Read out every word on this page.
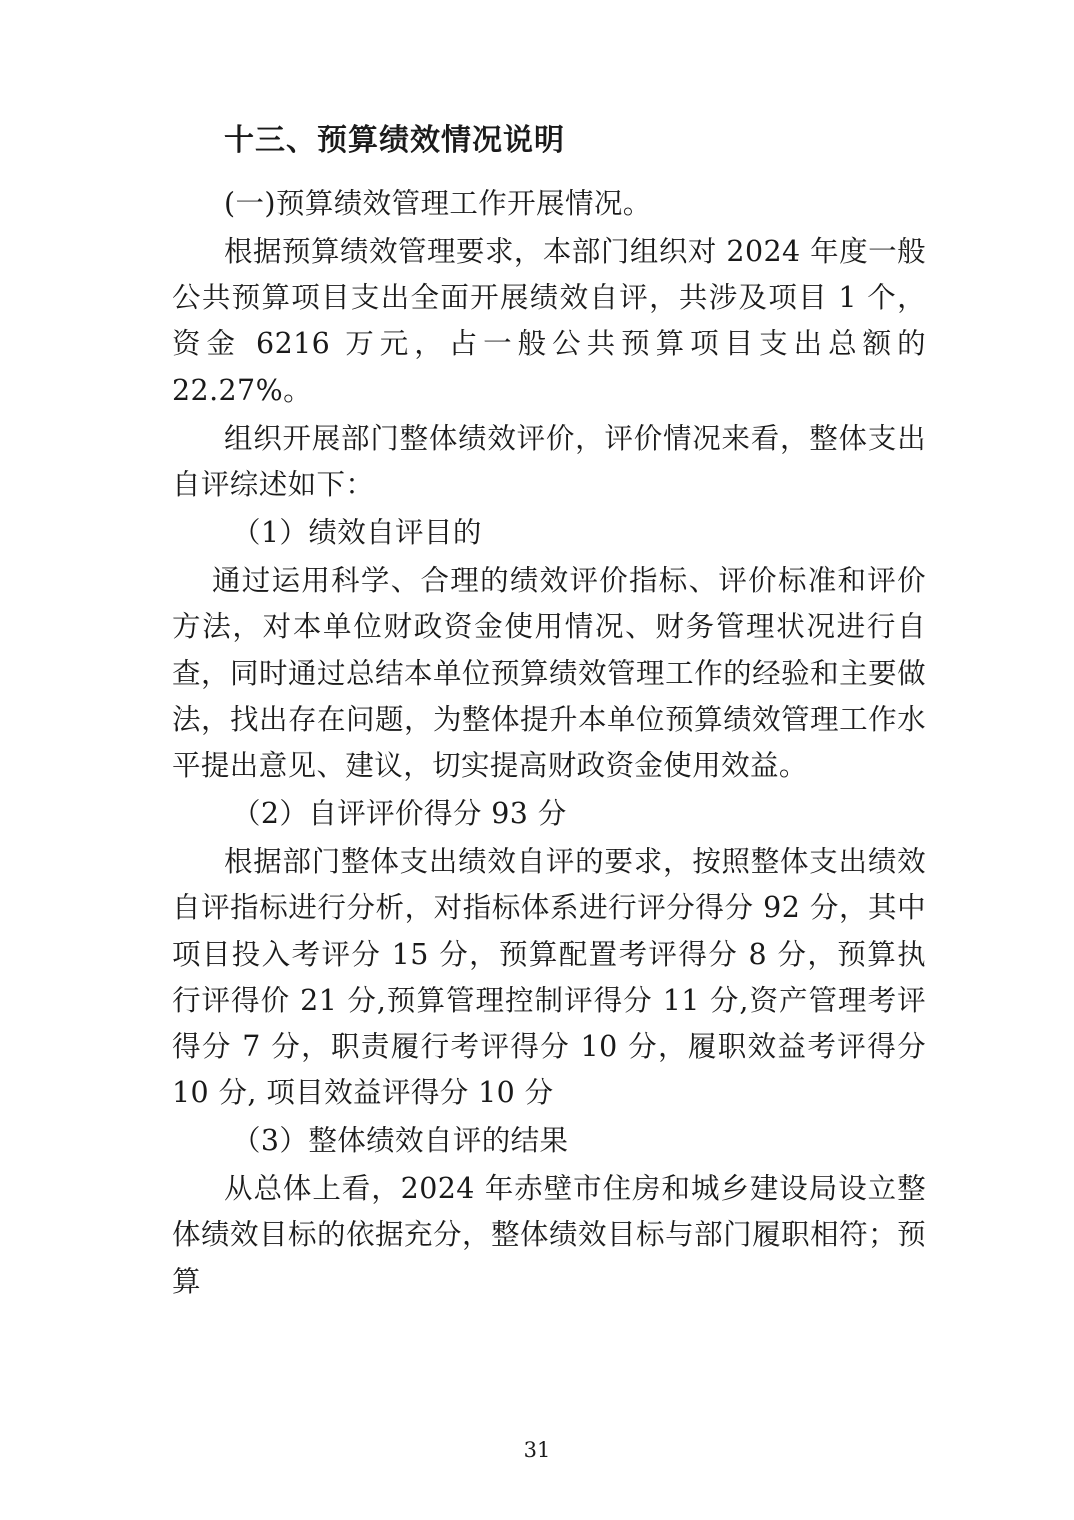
十三、预算绩效情况说明

(一)预算绩效管理工作开展情况。

根据预算绩效管理要求，本部门组织对 2024 年度一般公共预算项目支出全面开展绩效自评，共涉及项目 1 个，资金 6216 万元，占一般公共预算项目支出总额的 22.27%。

组织开展部门整体绩效评价，评价情况来看，整体支出自评综述如下：

（1）绩效自评目的

通过运用科学、合理的绩效评价指标、评价标准和评价方法，对本单位财政资金使用情况、财务管理状况进行自查，同时通过总结本单位预算绩效管理工作的经验和主要做法，找出存在问题，为整体提升本单位预算绩效管理工作水平提出意见、建议，切实提高财政资金使用效益。

（2）自评评价得分 93 分

根据部门整体支出绩效自评的要求，按照整体支出绩效自评指标进行分析，对指标体系进行评分得分 92 分，其中项目投入考评分 15 分，预算配置考评得分 8 分，预算执行评得价 21 分,预算管理控制评得分 11 分,资产管理考评得分 7 分，职责履行考评得分 10 分，履职效益考评得分 10 分, 项目效益评得分 10 分

（3）整体绩效自评的结果

从总体上看，2024 年赤壁市住房和城乡建设局设立整体绩效目标的依据充分，整体绩效目标与部门履职相符；预算

31
